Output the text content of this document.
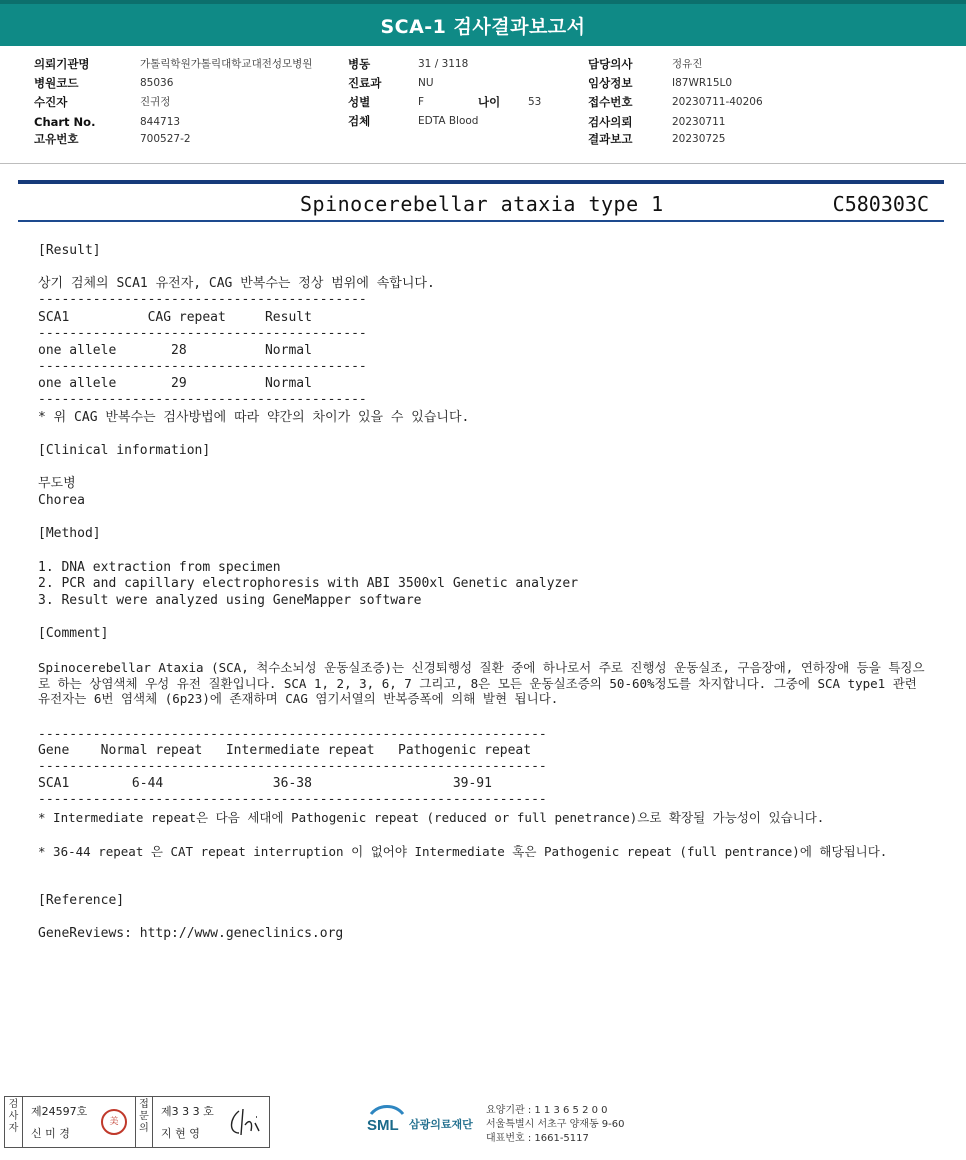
SCA-1 검사결과보고서
의뢰기관명	가톨릭학원가톨릭대학교대전성모병원
병원코드	85036
수진자	진귀정
Chart No.	844713
고유번호	700527-2
병동	31 / 3118
진료과	NU
성별	F	나이	53
검체	EDTA Blood
담당의사	정유진
임상정보	I87WR15L0
접수번호	20230711-40206
검사의뢰	20230711
결과보고	20230725
Spinocerebellar ataxia type 1	C580303C
[Result]
상기 검체의 SCA1 유전자, CAG 반복수는 정상 범위에 속합니다.
------------------------------------------
SCA1          CAG repeat     Result
------------------------------------------
one allele       28          Normal
------------------------------------------
one allele       29          Normal
------------------------------------------
* 위 CAG 반복수는 검사방법에 따라 약간의 차이가 있을 수 있습니다.
[Clinical information]
무도병
Chorea
[Method]
1. DNA extraction from specimen
2. PCR and capillary electrophoresis with ABI 3500xl Genetic analyzer
3. Result were analyzed using GeneMapper software
[Comment]
Spinocerebellar Ataxia (SCA, 척수소뇌성 운동실조증)는 신경퇴행성 질환 중에 하나로서 주로 진행성 운동실조, 구음장애, 연하장애 등을 특징으로 하는 상염색체 우성 유전 질환입니다. SCA 1, 2, 3, 6, 7 그리고, 8은 모든 운동실조증의 50-60%정도를 차지합니다. 그중에 SCA type1 관련 유전자는 6번 염색체 (6p23)에 존재하며 CAG 염기서열의 반복증폭에 의해 발현 됩니다.
-----------------------------------------------------------------
Gene    Normal repeat   Intermediate repeat   Pathogenic repeat
-----------------------------------------------------------------
SCA1        6-44              36-38                  39-91
-----------------------------------------------------------------
* Intermediate repeat은 다음 세대에 Pathogenic repeat (reduced or full penetrance)으로 확장될 가능성이 있습니다.
* 36-44 repeat 은 CAT repeat interruption 이 없어야 Intermediate 혹은 Pathogenic repeat (full pentrance)에 해당됩니다.
[Reference]
GeneReviews: http://www.geneclinics.org
검사자
제24597호
신 미 경
美
접문의
제3 3 3 호
지 현 영	SML 삼광의료재단
요양기관 : 1 1 3 6 5 2 0 0
서울특별시 서초구 양재동 9-60
대표번호 : 1661-5117
